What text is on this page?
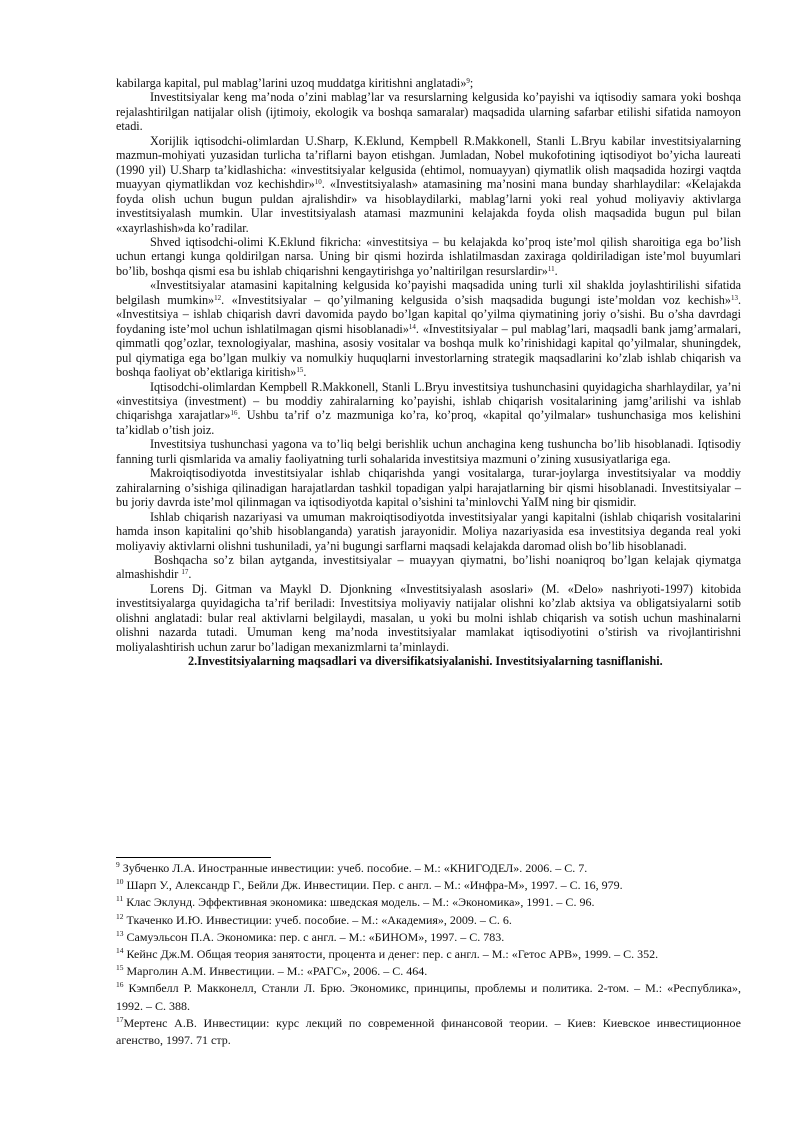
kabilarga kapital, pul mablag’larini uzoq muddatga kiritishni anglatadi»$^9$;

Investitsiyalar keng ma’noda o’zini mablag’lar va resurslarning kelgusida ko’payishi va iqtisodiy samara yoki boshqa rejalashtirilgan natijalar olish (ijtimoiy, ekologik va boshqa samaralar) maqsadida ularning safarbar etilishi sifatida namoyon etadi.

Xorijlik iqtisodchi-olimlardan U.Sharp, K.Eklund, Kempbell R.Makkonell, Stanli L.Bryu kabilar investitsiyalarning mazmun-mohiyati yuzasidan turlicha ta’riflarni bayon etishgan. Jumladan, Nobel mukofotining iqtisodiyot bo’yicha laureati (1990 yil) U.Sharp ta’kidlashicha: «investitsiyalar kelgusida (ehtimol, nomuayyan) qiymatlik olish maqsadida hozirgi vaqtda muayyan qiymatlikdan voz kechishdir»$^{10}$. «Investitsiyalash» atamasining ma’nosini mana bunday sharhlaydilar: «Kelajakda foyda olish uchun bugun puldan ajralishdir» va hisoblaydilarki, mablag’larni yoki real yohud moliyaviy aktivlarga investitsiyalash mumkin. Ular investitsiyalash atamasi mazmunini kelajakda foyda olish maqsadida bugun pul bilan «xayrlashish»da ko’radilar.

Shved iqtisodchi-olimi K.Eklund fikricha: «investitsiya – bu kelajakda ko’proq iste’mol qilish sharoitiga ega bo’lish uchun ertangi kunga qoldirilgan narsa. Uning bir qismi hozirda ishlatilmasdan zaxiraga qoldiriladigan iste’mol buyumlari bo’lib, boshqa qismi esa bu ishlab chiqarishni kengaytirishga yo’naltirilgan resurslardir»$^{11}$.

«Investitsiyalar atamasini kapitalning kelgusida ko’payishi maqsadida uning turli xil shaklda joylashtirilishi sifatida belgilash mumkin»$^{12}$. «Investitsiyalar – qo’yilmaning kelgusida o’sish maqsadida bugungi iste’moldan voz kechish»$^{13}$. «Investitsiya – ishlab chiqarish davri davomida paydo bo’lgan kapital qo’yilma qiymatining joriy o’sishi. Bu o’sha davrdagi foydaning iste’mol uchun ishlatilmagan qismi hisoblanadi»$^{14}$. «Investitsiyalar – pul mablag’lari, maqsadli bank jamg’armalari, qimmatli qog’ozlar, texnologiyalar, mashina, asosiy vositalar va boshqa mulk ko’rinishidagi kapital qo’yilmalar, shuningdek, pul qiymatiga ega bo’lgan mulkiy va nomulkiy huquqlarni investorlarning strategik maqsadlarini ko’zlab ishlab chiqarish va boshqa faoliyat ob’ektlariga kiritish»$^{15}$.

Iqtisodchi-olimlardan Kempbell R.Makkonell, Stanli L.Bryu investitsiya tushunchasini quyidagicha sharhlaydilar, ya’ni «investitsiya (investment) – bu moddiy zahiralarning ko’payishi, ishlab chiqarish vositalarining jamg’arilishi va ishlab chiqarishga xarajatlar»$^{16}$. Ushbu ta’rif o’z mazmuniga ko’ra, ko’proq, «kapital qo’yilmalar» tushunchasiga mos kelishini ta’kidlab o’tish joiz.

Investitsiya tushunchasi yagona va to’liq belgi berishlik uchun anchagina keng tushuncha bo’lib hisoblanadi. Iqtisodiy fanning turli qismlarida va amaliy faoliyatning turli sohalarida investitsiya mazmuni o’zining xususiyatlariga ega.

Makroiqtisodiyotda investitsiyalar ishlab chiqarishda yangi vositalarga, turar-joylarga investitsiyalar va moddiy zahiralarning o’sishiga qilinadigan harajatlardan tashkil topadigan yalpi harajatlarning bir qismi hisoblanadi. Investitsiyalar – bu joriy davrda iste’mol qilinmagan va iqtisodiyotda kapital o’sishini ta’minlovchi YaIM ning bir qismidir.

Ishlab chiqarish nazariyasi va umuman makroiqtisodiyotda investitsiyalar yangi kapitalni (ishlab chiqarish vositalarini hamda inson kapitalini qo’shib hisoblanganda) yaratish jarayonidir. Moliya nazariyasida esa investitsiya deganda real yoki moliyaviy aktivlarni olishni tushuniladi, ya’ni bugungi sarflarni maqsadi kelajakda daromad olish bo’lib hisoblanadi.

Boshqacha so’z bilan aytganda, investitsiyalar – muayyan qiymatni, bo’lishi noaniqroq bo’lgan kelajak qiymatga almashishdir $^{17}$.

Lorens Dj. Gitman va Maykl D. Djonkning «Investitsiyalash asoslari» (M. «Delo» nashriyoti-1997) kitobida investitsiyalarga quyidagicha ta’rif beriladi: Investitsiya moliyaviy natijalar olishni ko’zlab aktsiya va obligatsiyalarni sotib olishni anglatadi: bular real aktivlarni belgilaydi, masalan, u yoki bu molni ishlab chiqarish va sotish uchun mashinalarni olishni nazarda tutadi. Umuman keng ma’noda investitsiyalar mamlakat iqtisodiyotini o’stirish va rivojlantirishni moliyalashtirish uchun zarur bo’ladigan mexanizmlarni ta’minlaydi.

2.Investitsiyalarning maqsadlari va diversifikatsiyalanishi. Investitsiyalarning tasniflanishi.

$^9$ Зубченко Л.А. Иностранные инвестиции: учеб. пособие. – М.: «КНИГОДЕЛ». 2006. – С. 7.

$^{10}$ Шарп У., Александр Г., Бейли Дж. Инвестиции. Пер. с англ. – М.: «Инфра-М», 1997. – С. 16, 979.

$^{11}$ Клас Эклунд. Эффективная экономика: шведская модель. – М.: «Экономика», 1991. – С. 96.

$^{12}$ Ткаченко И.Ю. Инвестиции: учеб. пособие. – М.: «Академия», 2009. – С. 6.

$^{13}$ Самуэльсон П.А. Экономика: пер. с англ. – М.: «БИНОМ», 1997. – С. 783.

$^{14}$ Кейнс Дж.М. Общая теория занятости, процента и денег: пер. с англ. – М.: «Гетос АРВ», 1999. – С. 352.

$^{15}$ Марголин А.М. Инвестиции. – М.: «РАГС», 2006. – С. 464.

$^{16}$ Кэмпбелл Р. Макконелл, Станли Л. Брю. Экономикс, принципы, проблемы и политика. 2-том. – М.: «Республика», 1992. – С. 388.

$^{17}$Мертенс А.В. Инвестиции: курс лекций по современной финансовой теории. – Киев: Киевское инвестиционное агенство, 1997. 71 стр.
